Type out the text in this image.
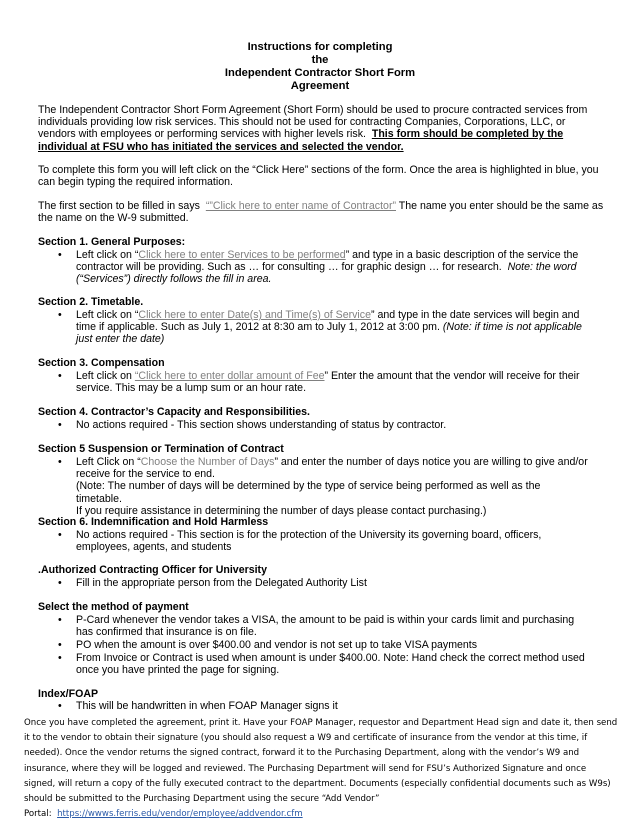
Instructions for completing
the
Independent Contractor Short Form
Agreement
The Independent Contractor Short Form Agreement (Short Form) should be used to procure contracted services from individuals providing low risk services. This should not be used for contracting Companies, Corporations, LLC, or vendors with employees or performing services with higher levels risk. This form should be completed by the individual at FSU who has initiated the services and selected the vendor.
To complete this form you will left click on the “Click Here” sections of the form. Once the area is highlighted in blue, you can begin typing the required information.
The first section to be filled in says “”Click here to enter name of Contractor” The name you enter should be the same as the name on the W-9 submitted.
Section 1. General Purposes:
• Left click on “Click here to enter Services to be performed” and type in a basic description of the service the contractor will be providing. Such as … for consulting … for graphic design … for research. Note: the word (“Services”) directly follows the fill in area.
Section 2. Timetable.
• Left click on “Click here to enter Date(s) and Time(s) of Service” and type in the date services will begin and time if applicable. Such as July 1, 2012 at 8:30 am to July 1, 2012 at 3:00 pm. (Note: if time is not applicable just enter the date)
Section 3. Compensation
• Left click on “Click here to enter dollar amount of Fee” Enter the amount that the vendor will receive for their service. This may be a lump sum or an hour rate.
Section 4. Contractor’s Capacity and Responsibilities.
• No actions required - This section shows understanding of status by contractor.
Section 5 Suspension or Termination of Contract
• Left Click on “Choose the Number of Days” and enter the number of days notice you are willing to give and/or receive for the service to end.
(Note: The number of days will be determined by the type of service being performed as well as the timetable.
If you require assistance in determining the number of days please contact purchasing.)
Section 6. Indemnification and Hold Harmless
• No actions required - This section is for the protection of the University its governing board, officers, employees, agents, and students
.Authorized Contracting Officer for University
• Fill in the appropriate person from the Delegated Authority List
Select the method of payment
• P-Card whenever the vendor takes a VISA, the amount to be paid is within your cards limit and purchasing has confirmed that insurance is on file.
• PO when the amount is over $400.00 and vendor is not set up to take VISA payments
• From Invoice or Contract is used when amount is under $400.00. Note: Hand check the correct method used once you have printed the page for signing.
Index/FOAP
• This will be handwritten in when FOAP Manager signs it
Once you have completed the agreement, print it. Have your FOAP Manager, requestor and Department Head sign and date it, then send it to the vendor to obtain their signature (you should also request a W9 and certificate of insurance from the vendor at this time, if needed). Once the vendor returns the signed contract, forward it to the Purchasing Department, along with the vendor’s W9 and insurance, where they will be logged and reviewed. The Purchasing Department will send for FSU’s Authorized Signature and once signed, will return a copy of the fully executed contract to the department. Documents (especially confidential documents such as W9s) should be submitted to the Purchasing Department using the secure “Add Vendor” Portal: https://wwws.ferris.edu/vendor/employee/addvendor.cfm
